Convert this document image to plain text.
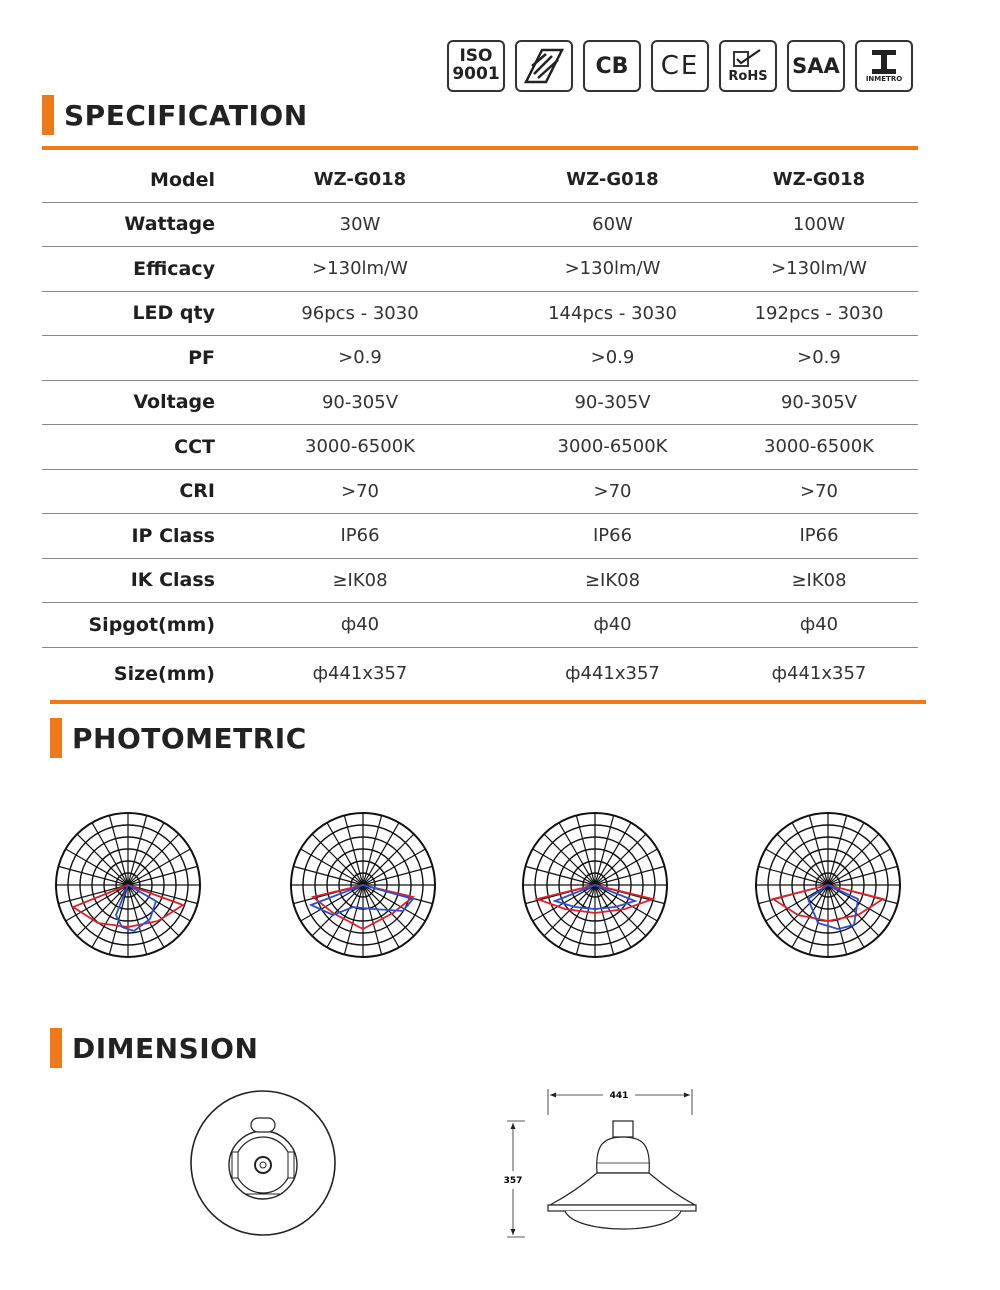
ISO
9001	CB CE RoHS SAA
INMETRO
SPECIFICATION
Model	WZ-G018	WZ-G018	WZ-G018
Wattage	30W	60W	100W
Efficacy	>130lm/W	>130lm/W	>130lm/W
LED qty	96pcs - 3030	144pcs - 3030	192pcs - 3030
PF	>0.9	>0.9	>0.9
Voltage	90-305V	90-305V	90-305V
CCT	3000-6500K	3000-6500K	3000-6500K
CRI	>70	>70	>70
IP Class	IP66	IP66	IP66
IK Class	≥IK08	≥IK08	≥IK08
Sipgot(mm)	ф40	ф40	ф40
Size(mm)	ф441x357	ф441x357	ф441x357
PHOTOMETRIC
DIMENSION
441
357
